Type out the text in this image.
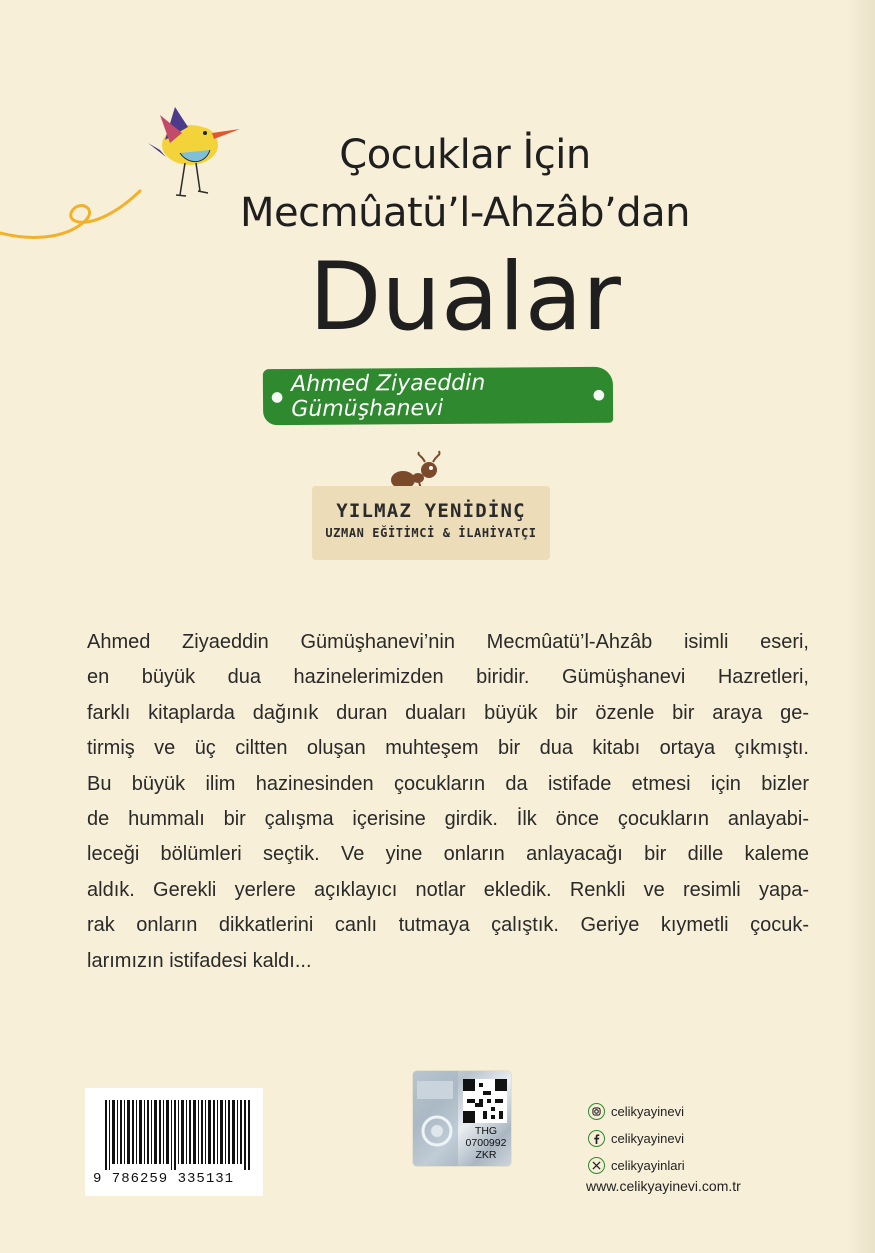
Çocuklar İçin
Mecmûatü’l-Ahzâb’dan
Dualar
●
Ahmed Ziyaeddin Gümüşhanevi
●
YILMAZ YENİDİNÇ
UZMAN EĞİTİMCİ & İLAHİYATÇI
Ahmed Ziyaeddin Gümüşhanevi’nin Mecmûatü’l-Ahzâb isimli eseri,
en büyük dua hazinelerimizden biridir. Gümüşhanevi Hazretleri,
farklı kitaplarda dağınık duran duaları büyük bir özenle bir araya ge-
tirmiş ve üç ciltten oluşan muhteşem bir dua kitabı ortaya çıkmıştı.
Bu büyük ilim hazinesinden çocukların da istifade etmesi için bizler
de hummalı bir çalışma içerisine girdik. İlk önce çocukların anlayabi-
leceği bölümleri seçtik. Ve yine onların anlayacağı bir dille kaleme
aldık. Gerekli yerlere açıklayıcı notlar ekledik. Renkli ve resimli yapa-
rak onların dikkatlerini canlı tutmaya çalıştık. Geriye kıymetli çocuk-
larımızın istifadesi kaldı...
9 786259 335131
THG
0700992
ZKR
celikyayinevi
celikyayinevi
celikyayinlari
www.celikyayinevi.com.tr
